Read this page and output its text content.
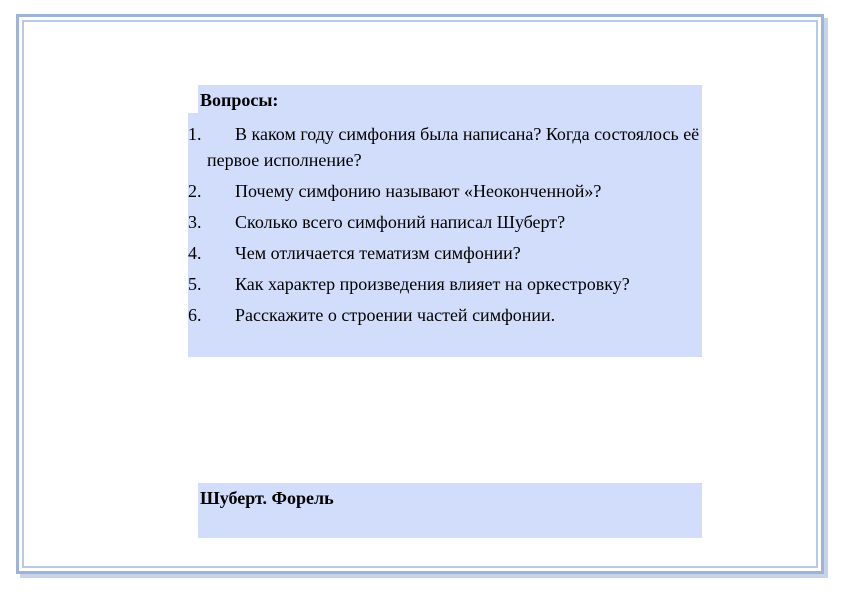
Вопросы:
1.	В каком году симфония была написана? Когда состоялось её первое исполнение?
2.	Почему симфонию называют «Неоконченной»?
3.	Сколько всего симфоний написал Шуберт?
4.	Чем отличается тематизм симфонии?
5.	Как характер произведения влияет на оркестровку?
6.	Расскажите о строении частей симфонии.
Шуберт. Форель
